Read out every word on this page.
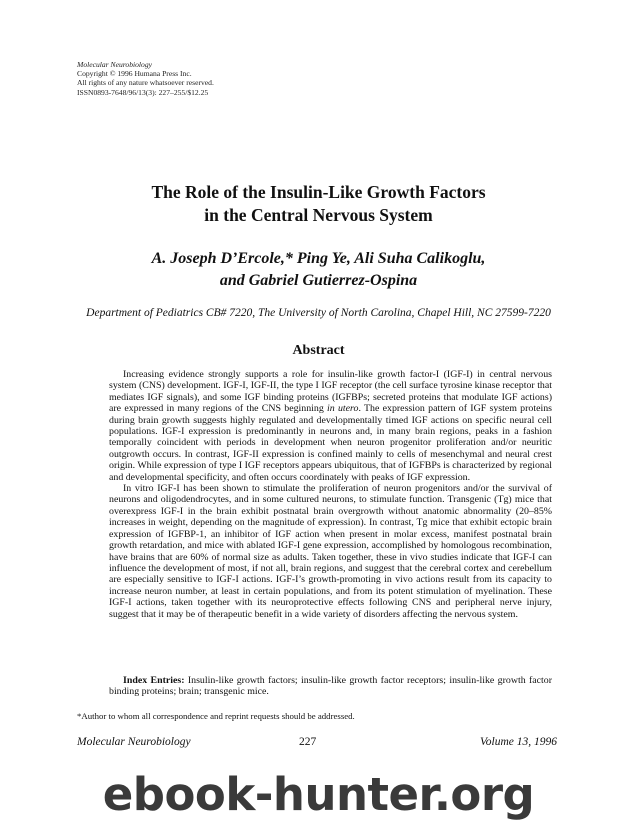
Molecular Neurobiology
Copyright © 1996 Humana Press Inc.
All rights of any nature whatsoever reserved.
ISSN0893-7648/96/13(3): 227–255/$12.25
The Role of the Insulin-Like Growth Factors
in the Central Nervous System
A. Joseph D’Ercole,* Ping Ye, Ali Suha Calikoglu,
and Gabriel Gutierrez-Ospina
Department of Pediatrics CB# 7220, The University of North Carolina, Chapel Hill, NC 27599-7220
Abstract

Increasing evidence strongly supports a role for insulin-like growth factor-I (IGF-I) in central nervous system (CNS) development. IGF-I, IGF-II, the type I IGF receptor (the cell surface tyrosine kinase receptor that mediates IGF signals), and some IGF binding proteins (IGFBPs; secreted proteins that modulate IGF actions) are expressed in many regions of the CNS beginning in utero. The expression pattern of IGF system proteins during brain growth suggests highly regulated and developmentally timed IGF actions on specific neural cell populations. IGF-I expression is predominantly in neurons and, in many brain regions, peaks in a fashion temporally coincident with periods in development when neuron progenitor proliferation and/or neuritic outgrowth occurs. In contrast, IGF-II expression is confined mainly to cells of mesenchymal and neural crest origin. While expression of type I IGF receptors appears ubiquitous, that of IGFBPs is characterized by regional and developmental specificity, and often occurs coordinately with peaks of IGF expression.

In vitro IGF-I has been shown to stimulate the proliferation of neuron progenitors and/or the survival of neurons and oligodendrocytes, and in some cultured neurons, to stimulate function. Transgenic (Tg) mice that overexpress IGF-I in the brain exhibit postnatal brain overgrowth without anatomic abnormality (20–85% increases in weight, depending on the magnitude of expression). In contrast, Tg mice that exhibit ectopic brain expression of IGFBP-1, an inhibitor of IGF action when present in molar excess, manifest postnatal brain growth retardation, and mice with ablated IGF-I gene expression, accomplished by homologous recombination, have brains that are 60% of normal size as adults. Taken together, these in vivo studies indicate that IGF-I can influence the development of most, if not all, brain regions, and suggest that the cerebral cortex and cerebellum are especially sensitive to IGF-I actions. IGF-I’s growth-promoting in vivo actions result from its capacity to increase neuron number, at least in certain populations, and from its potent stimulation of myelination. These IGF-I actions, taken together with its neuroprotective effects following CNS and peripheral nerve injury, suggest that it may be of therapeutic benefit in a wide variety of disorders affecting the nervous system.

Index Entries: Insulin-like growth factors; insulin-like growth factor receptors; insulin-like growth factor binding proteins; brain; transgenic mice.
*Author to whom all correspondence and reprint requests should be addressed.
Molecular Neurobiology	227	Volume 13, 1996
ebook-hunter.org
